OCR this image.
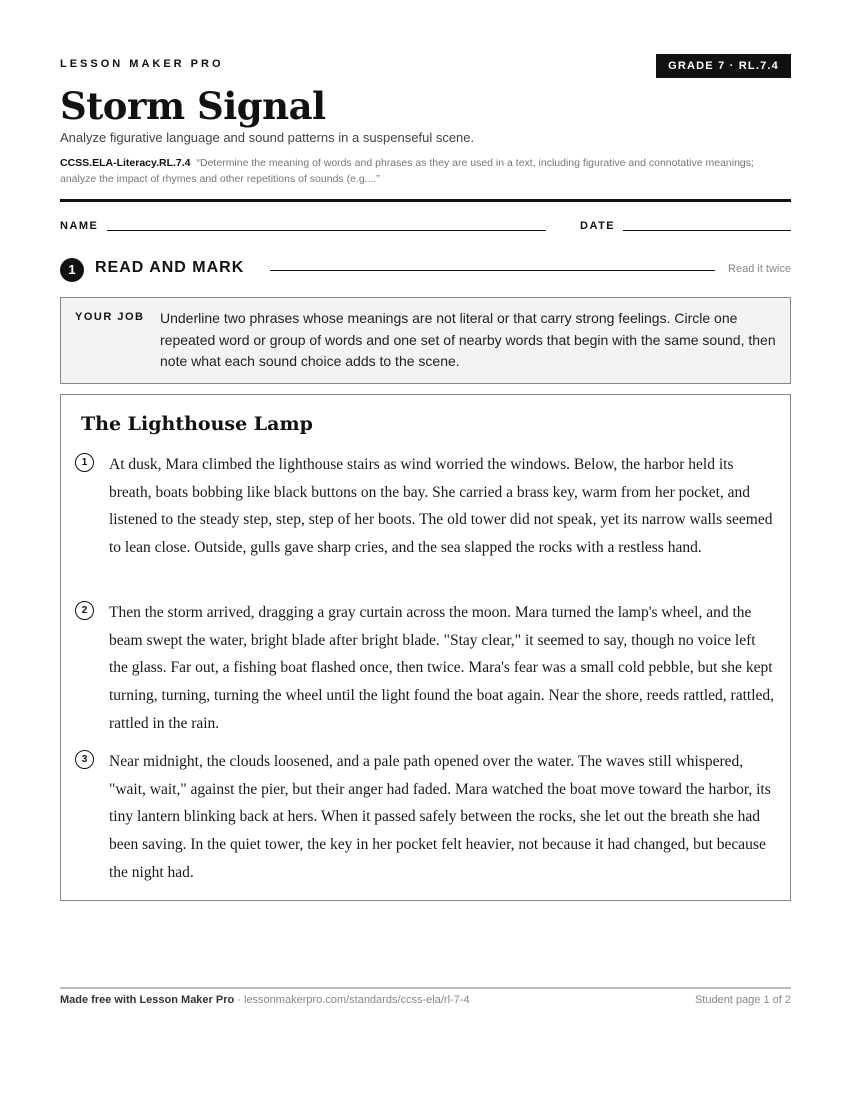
LESSON MAKER PRO	GRADE 7 · RL.7.4
Storm Signal
Analyze figurative language and sound patterns in a suspenseful scene.
CCSS.ELA-Literacy.RL.7.4 “Determine the meaning of words and phrases as they are used in a text, including figurative and connotative meanings; analyze the impact of rhymes and other repetitions of sounds (e.g....”
NAME	DATE
1	READ AND MARK	Read it twice
YOUR JOB Underline two phrases whose meanings are not literal or that carry strong feelings. Circle one repeated word or group of words and one set of nearby words that begin with the same sound, then note what each sound choice adds to the scene.
The Lighthouse Lamp
1	At dusk, Mara climbed the lighthouse stairs as wind worried the windows. Below, the harbor held its breath, boats bobbing like black buttons on the bay. She carried a brass key, warm from her pocket, and listened to the steady step, step, step of her boots. The old tower did not speak, yet its narrow walls seemed to lean close. Outside, gulls gave sharp cries, and the sea slapped the rocks with a restless hand.

2	Then the storm arrived, dragging a gray curtain across the moon. Mara turned the lamp's wheel, and the beam swept the water, bright blade after bright blade. "Stay clear," it seemed to say, though no voice left the glass. Far out, a fishing boat flashed once, then twice. Mara's fear was a small cold pebble, but she kept turning, turning, turning the wheel until the light found the boat again. Near the shore, reeds rattled, rattled, rattled in the rain.

3	Near midnight, the clouds loosened, and a pale path opened over the water. The waves still whispered, "wait, wait," against the pier, but their anger had faded. Mara watched the boat move toward the harbor, its tiny lantern blinking back at hers. When it passed safely between the rocks, she let out the breath she had been saving. In the quiet tower, the key in her pocket felt heavier, not because it had changed, but because the night had.

Made free with Lesson Maker Pro · lessonmakerpro.com/standards/ccss-ela/rl-7-4	Student page 1 of 2
